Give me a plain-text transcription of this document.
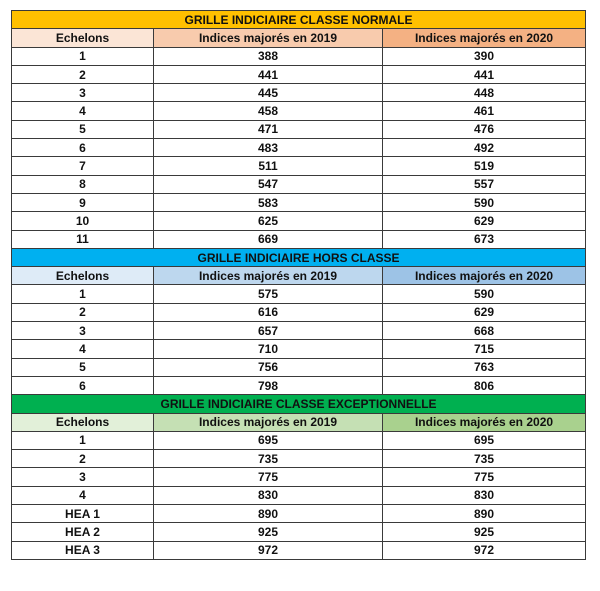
GRILLE INDICIAIRE CLASSE NORMALE		
Echelons	Indices majorés en 2019	Indices majorés en 2020
1	388	390
2	441	441
3	445	448
4	458	461
5	471	476
6	483	492
7	511	519
8	547	557
9	583	590
10	625	629
11	669	673
GRILLE INDICIAIRE HORS CLASSE		
Echelons	Indices majorés en 2019	Indices majorés en 2020
1	575	590
2	616	629
3	657	668
4	710	715
5	756	763
6	798	806
GRILLE INDICIAIRE CLASSE EXCEPTIONNELLE		
Echelons	Indices majorés en 2019	Indices majorés en 2020
1	695	695
2	735	735
3	775	775
4	830	830
HEA 1	890	890
HEA 2	925	925
HEA 3	972	972
